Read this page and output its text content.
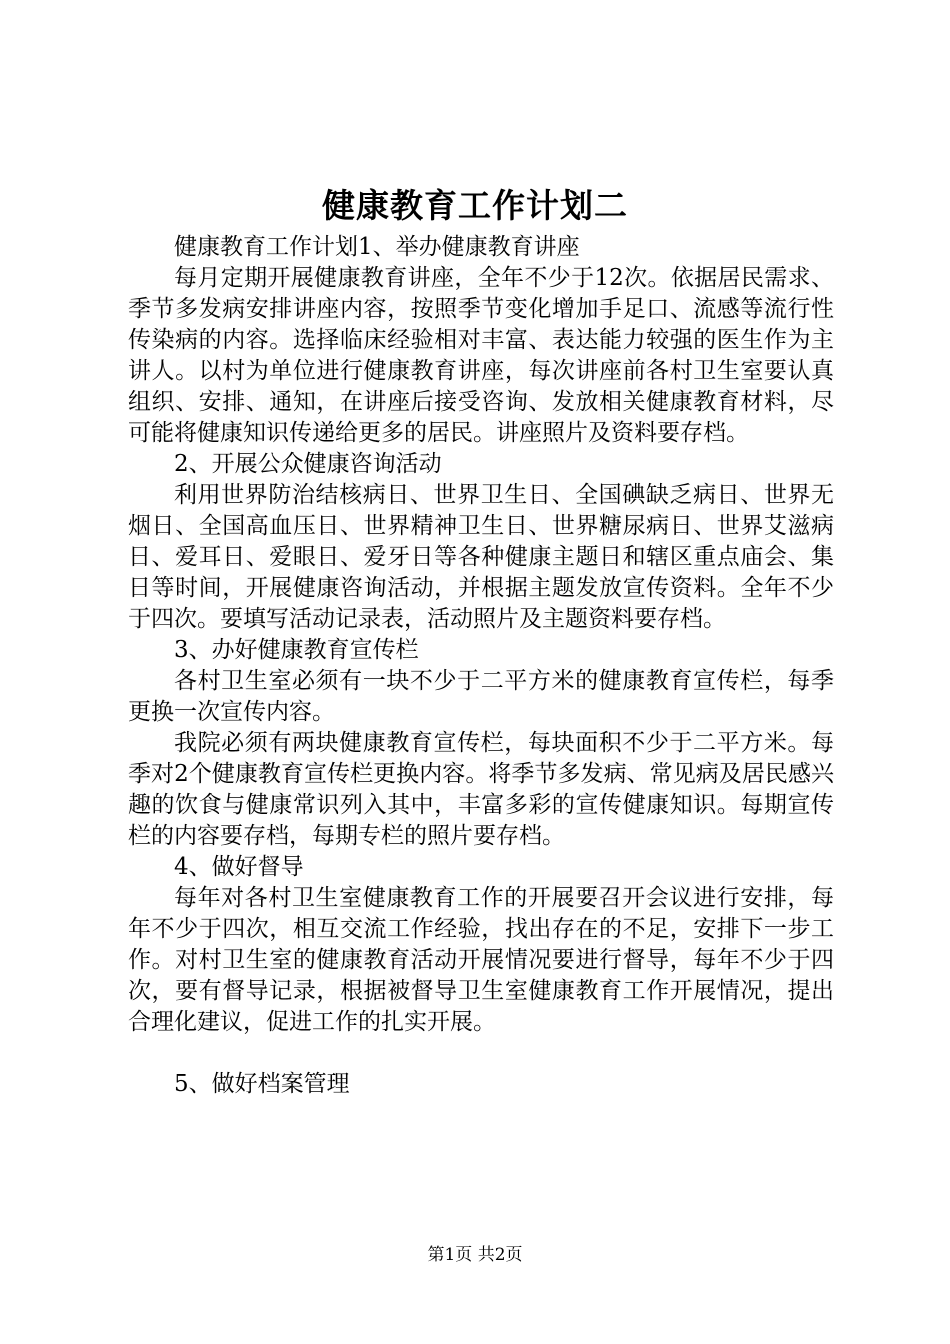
健康教育工作计划二

健康教育工作计划1、举办健康教育讲座

每月定期开展健康教育讲座，全年不少于12次。依据居民需求、季节多发病安排讲座内容，按照季节变化增加手足口、流感等流行性传染病的内容。选择临床经验相对丰富、表达能力较强的医生作为主讲人。以村为单位进行健康教育讲座，每次讲座前各村卫生室要认真组织、安排、通知，在讲座后接受咨询、发放相关健康教育材料，尽可能将健康知识传递给更多的居民。讲座照片及资料要存档。

2、开展公众健康咨询活动

利用世界防治结核病日、世界卫生日、全国碘缺乏病日、世界无烟日、全国高血压日、世界精神卫生日、世界糖尿病日、世界艾滋病日、爱耳日、爱眼日、爱牙日等各种健康主题日和辖区重点庙会、集日等时间，开展健康咨询活动，并根据主题发放宣传资料。全年不少于四次。要填写活动记录表，活动照片及主题资料要存档。

3、办好健康教育宣传栏

各村卫生室必须有一块不少于二平方米的健康教育宣传栏，每季更换一次宣传内容。

我院必须有两块健康教育宣传栏，每块面积不少于二平方米。每季对2个健康教育宣传栏更换内容。将季节多发病、常见病及居民感兴趣的饮食与健康常识列入其中，丰富多彩的宣传健康知识。每期宣传栏的内容要存档，每期专栏的照片要存档。

4、做好督导

每年对各村卫生室健康教育工作的开展要召开会议进行安排，每年不少于四次，相互交流工作经验，找出存在的不足，安排下一步工作。对村卫生室的健康教育活动开展情况要进行督导，每年不少于四次，要有督导记录，根据被督导卫生室健康教育工作开展情况，提出合理化建议，促进工作的扎实开展。

5、做好档案管理

第1页 共2页
